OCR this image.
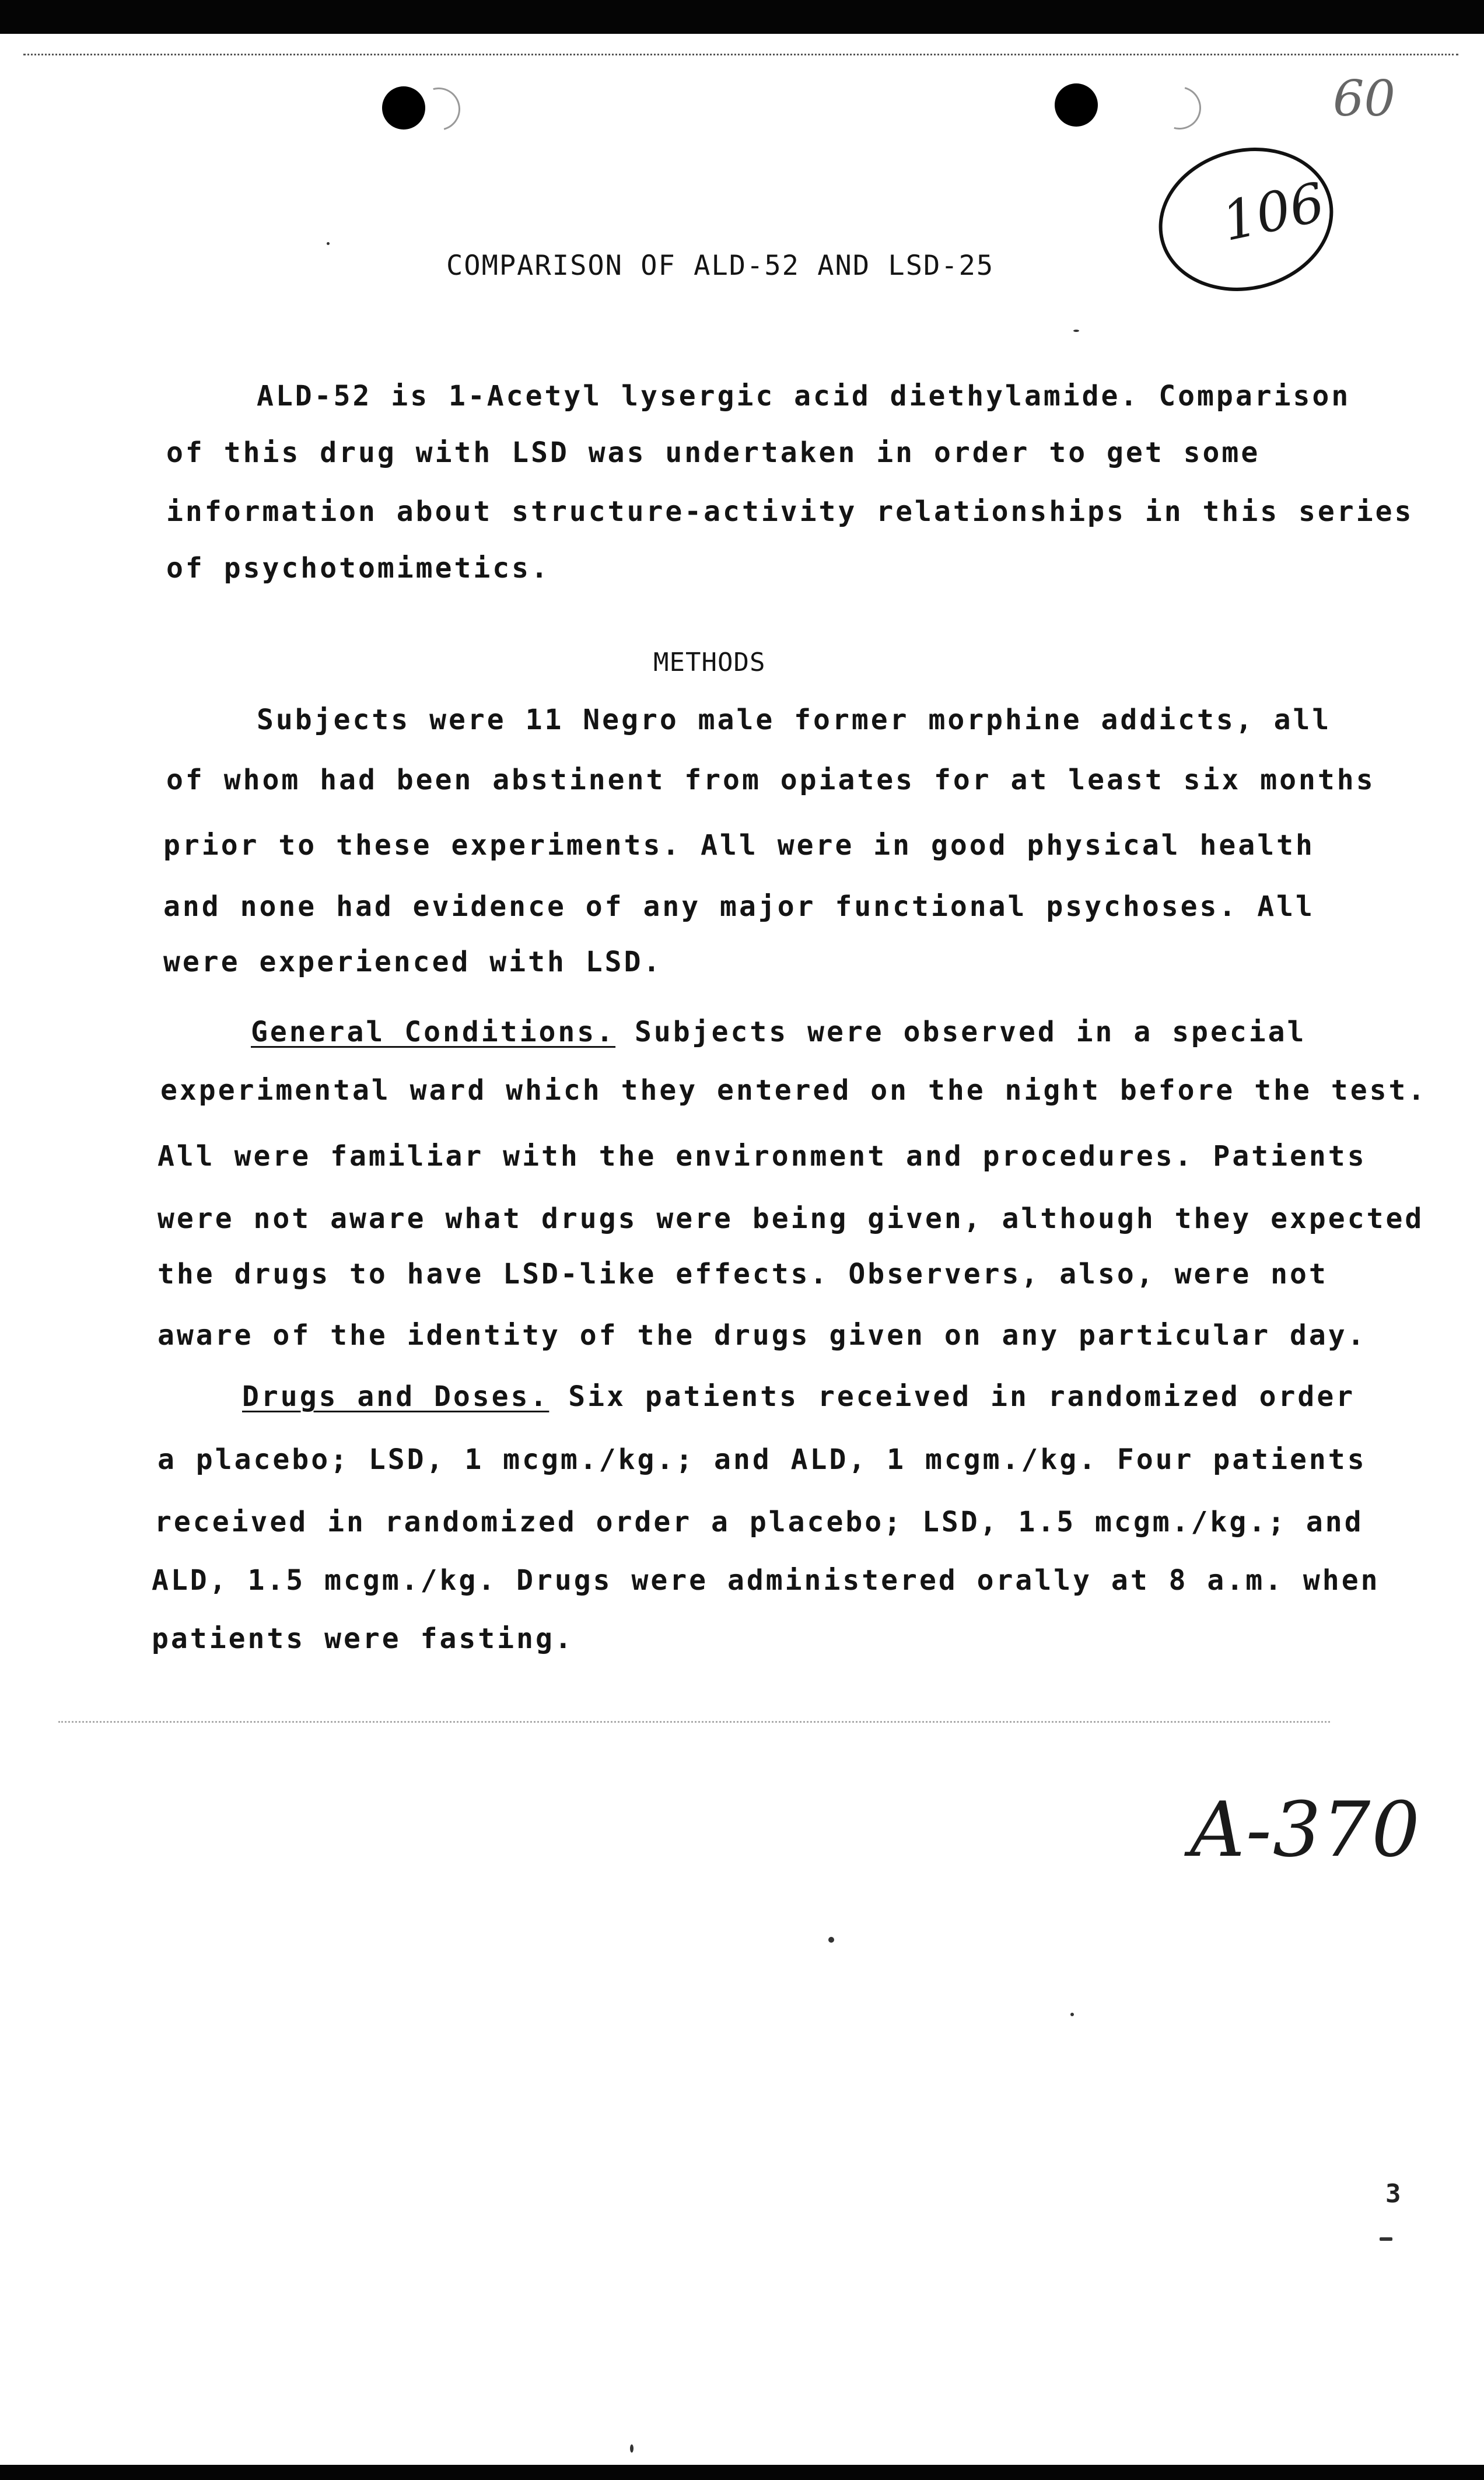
60
106
COMPARISON OF ALD-52 AND LSD-25
ALD-52 is 1-Acetyl lysergic acid diethylamide. Comparison
of this drug with LSD was undertaken in order to get some
information about structure-activity relationships in this series
of psychotomimetics.
METHODS
Subjects were 11 Negro male former morphine addicts, all
of whom had been abstinent from opiates for at least six months
prior to these experiments. All were in good physical health
and none had evidence of any major functional psychoses. All
were experienced with LSD.
General Conditions. Subjects were observed in a special
experimental ward which they entered on the night before the test.
All were familiar with the environment and procedures. Patients
were not aware what drugs were being given, although they expected
the drugs to have LSD-like effects. Observers, also, were not
aware of the identity of the drugs given on any particular day.
Drugs and Doses. Six patients received in randomized order
a placebo; LSD, 1 mcgm./kg.; and ALD, 1 mcgm./kg. Four patients
received in randomized order a placebo; LSD, 1.5 mcgm./kg.; and
ALD, 1.5 mcgm./kg. Drugs were administered orally at 8 a.m. when
patients were fasting.
A-370
3
